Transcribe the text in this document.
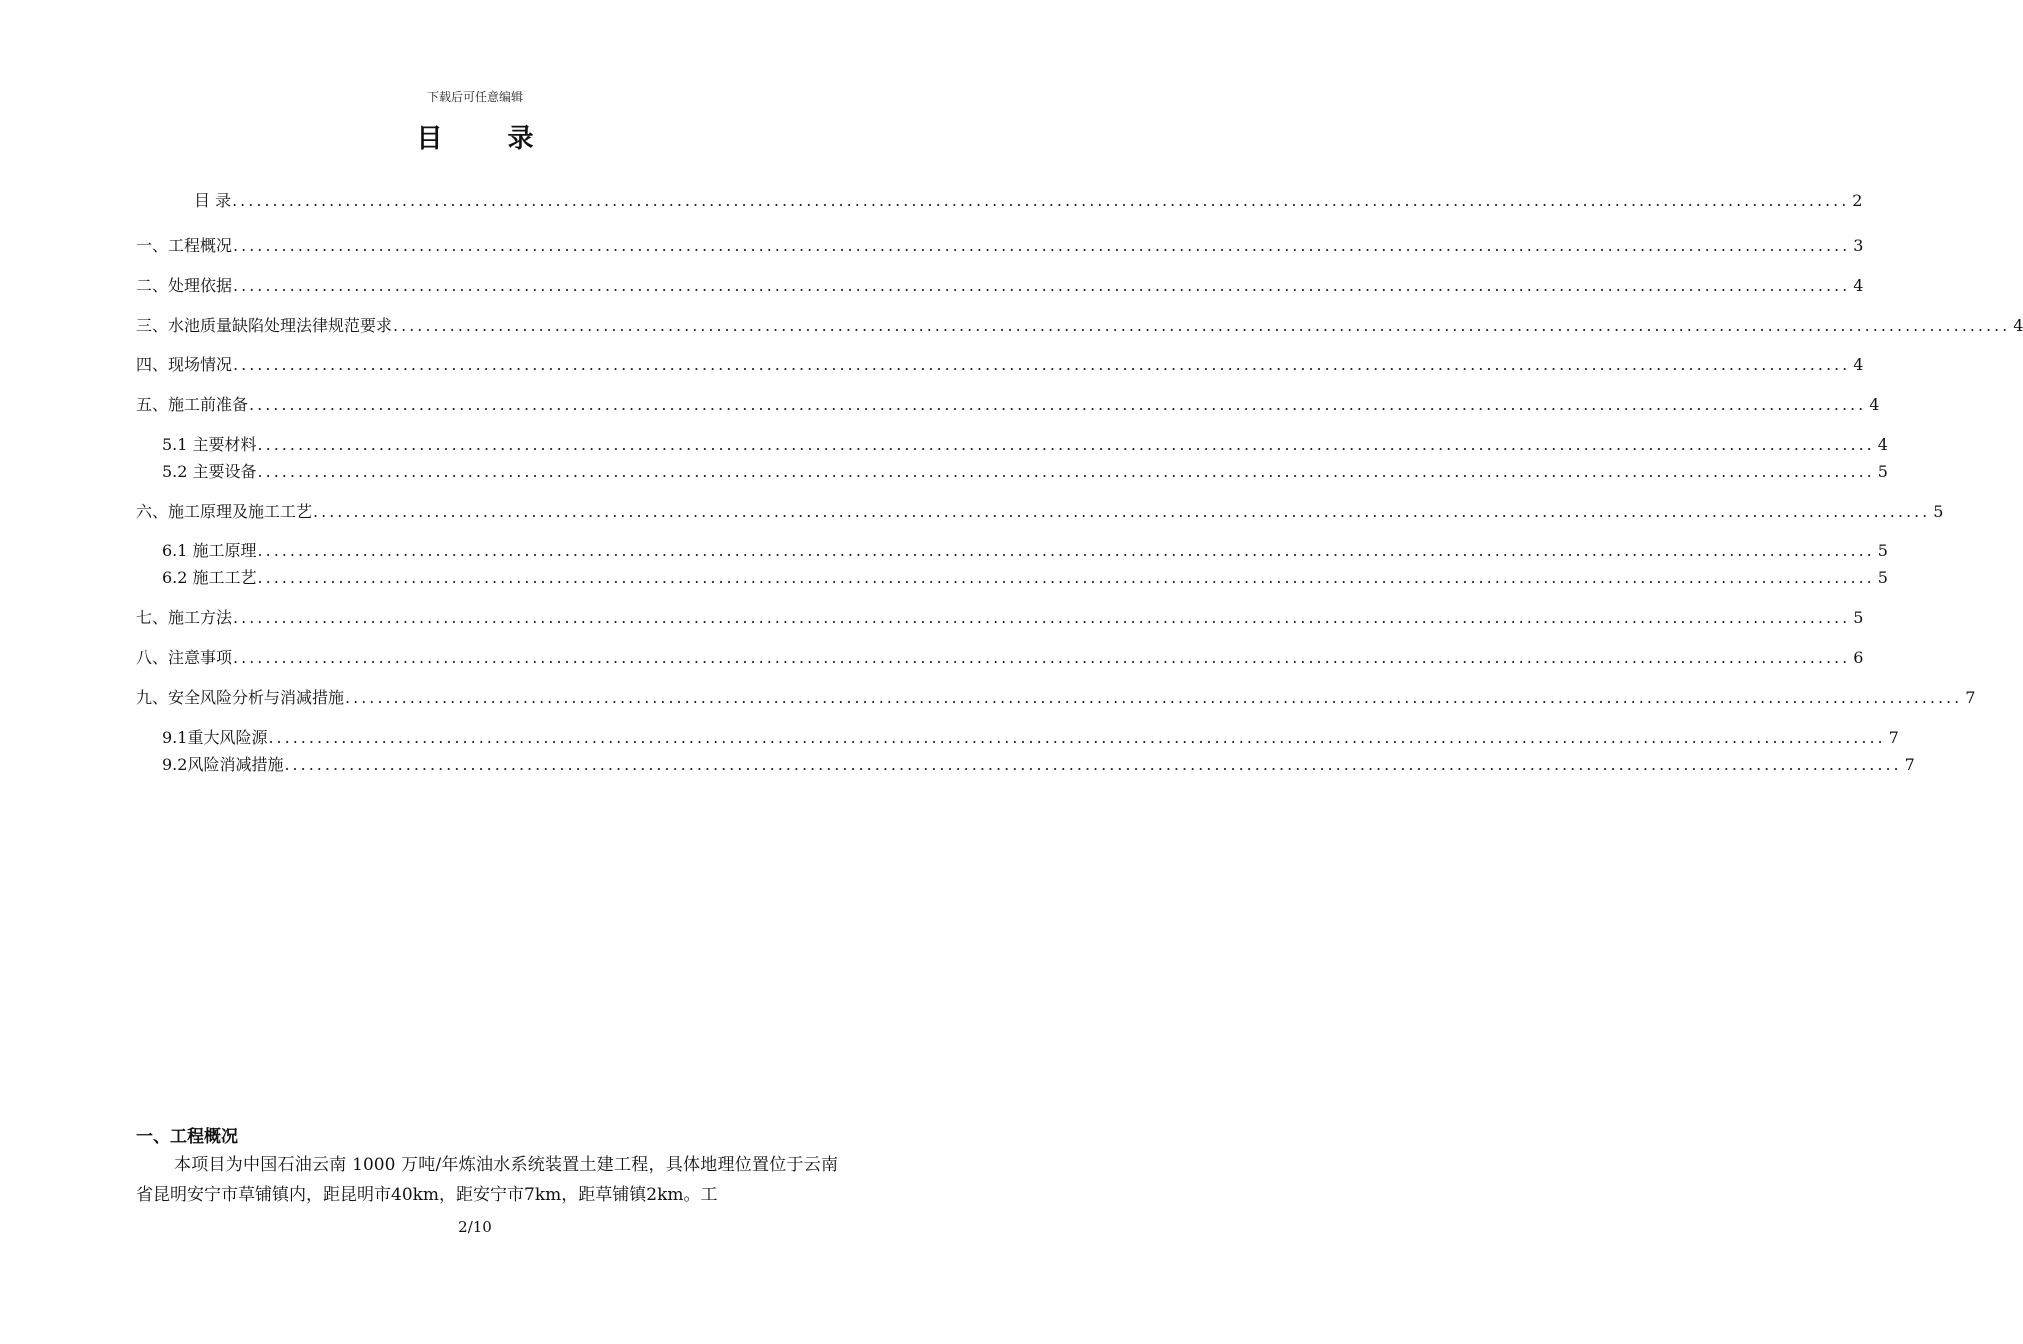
下载后可任意编辑
目 录
目 录 ........................................................................................................................................................................................................ 2
一、工程概况 ........................................................................................................................................................................................................ 3
二、处理依据 ........................................................................................................................................................................................................ 4
三、水池质量缺陷处理法律规范要求 ........................................................................................................................................................................................................ 4
四、现场情况 ........................................................................................................................................................................................................ 4
五、施工前准备 ........................................................................................................................................................................................................ 4
5.1 主要材料 ........................................................................................................................................................................................................ 4
5.2 主要设备 ........................................................................................................................................................................................................ 5
六、施工原理及施工工艺 ........................................................................................................................................................................................................ 5
6.1 施工原理 ........................................................................................................................................................................................................ 5
6.2 施工工艺 ........................................................................................................................................................................................................ 5
七、施工方法 ........................................................................................................................................................................................................ 5
八、注意事项 ........................................................................................................................................................................................................ 6
九、安全风险分析与消减措施 ........................................................................................................................................................................................................ 7
9.1重大风险源 ........................................................................................................................................................................................................ 7
9.2风险消减措施 ........................................................................................................................................................................................................ 7
一、工程概况

本项目为中国石油云南 1000 万吨/年炼油水系统装置土建工程，具体地理位置位于云南省昆明安宁市草铺镇内，距昆明市40km，距安宁市7km，距草铺镇2km。工

2/10
